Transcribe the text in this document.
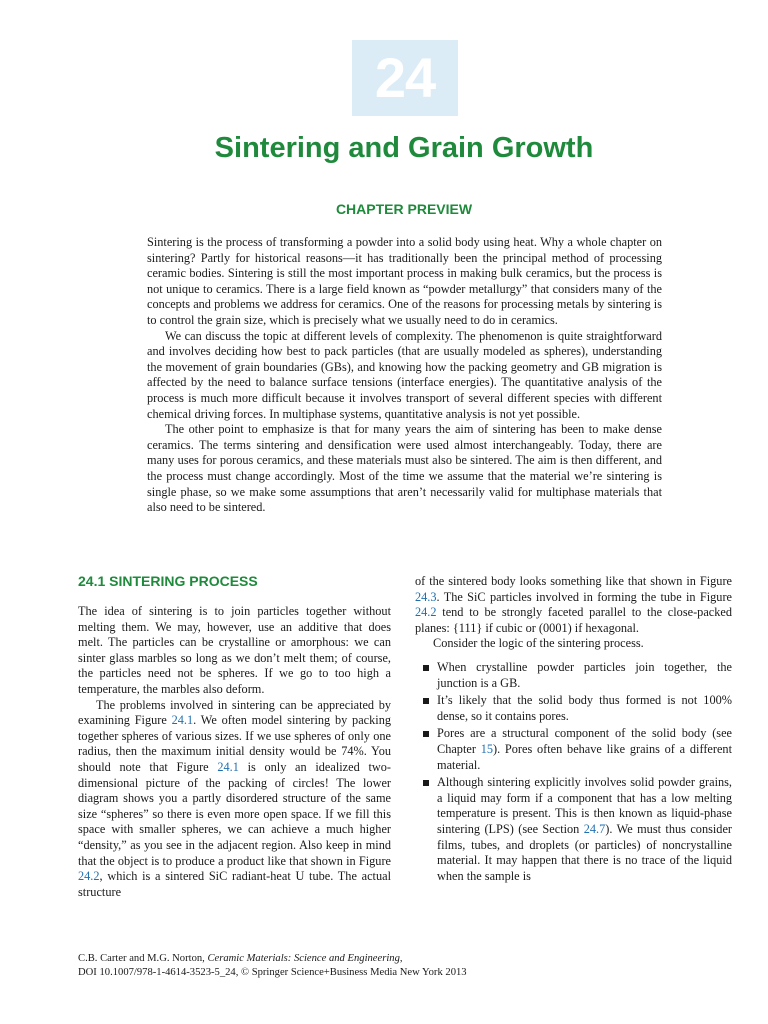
24
Sintering and Grain Growth
CHAPTER PREVIEW

Sintering is the process of transforming a powder into a solid body using heat. Why a whole chapter on sintering? Partly for historical reasons—it has traditionally been the principal method of processing ceramic bodies. Sintering is still the most important process in making bulk ceramics, but the process is not unique to ceramics. There is a large field known as “powder metallurgy” that considers many of the concepts and problems we address for ceramics. One of the reasons for processing metals by sintering is to control the grain size, which is precisely what we usually need to do in ceramics.

We can discuss the topic at different levels of complexity. The phenomenon is quite straightforward and involves deciding how best to pack particles (that are usually modeled as spheres), understanding the movement of grain boundaries (GBs), and knowing how the packing geometry and GB migration is affected by the need to balance surface tensions (interface energies). The quantitative analysis of the process is much more difficult because it involves transport of several different species with different chemical driving forces. In multiphase systems, quantitative analysis is not yet possible.

The other point to emphasize is that for many years the aim of sintering has been to make dense ceramics. The terms sintering and densification were used almost interchangeably. Today, there are many uses for porous ceramics, and these materials must also be sintered. The aim is then different, and the process must change accordingly. Most of the time we assume that the material we’re sintering is single phase, so we make some assumptions that aren’t necessarily valid for multiphase materials that also need to be sintered.

24.1 SINTERING PROCESS

The idea of sintering is to join particles together without melting them. We may, however, use an additive that does melt. The particles can be crystalline or amorphous: we can sinter glass marbles so long as we don’t melt them; of course, the particles need not be spheres. If we go to too high a temperature, the marbles also deform.

The problems involved in sintering can be appreciated by examining Figure 24.1. We often model sintering by packing together spheres of various sizes. If we use spheres of only one radius, then the maximum initial density would be 74%. You should note that Figure 24.1 is only an idealized two-dimensional picture of the packing of circles! The lower diagram shows you a partly disordered structure of the same size “spheres” so there is even more open space. If we fill this space with smaller spheres, we can achieve a much higher “density,” as you see in the adjacent region. Also keep in mind that the object is to produce a product like that shown in Figure 24.2, which is a sintered SiC radiant-heat U tube. The actual structure

of the sintered body looks something like that shown in Figure 24.3. The SiC particles involved in forming the tube in Figure 24.2 tend to be strongly faceted parallel to the close-packed planes: {111} if cubic or (0001) if hexagonal.

Consider the logic of the sintering process.

When crystalline powder particles join together, the junction is a GB.
It’s likely that the solid body thus formed is not 100% dense, so it contains pores.
Pores are a structural component of the solid body (see Chapter 15). Pores often behave like grains of a different material.
Although sintering explicitly involves solid powder grains, a liquid may form if a component that has a low melting temperature is present. This is then known as liquid-phase sintering (LPS) (see Section 24.7). We must thus consider films, tubes, and droplets (or particles) of noncrystalline material. It may happen that there is no trace of the liquid when the sample is
C.B. Carter and M.G. Norton, Ceramic Materials: Science and Engineering,
DOI 10.1007/978-1-4614-3523-5_24, © Springer Science+Business Media New York 2013
